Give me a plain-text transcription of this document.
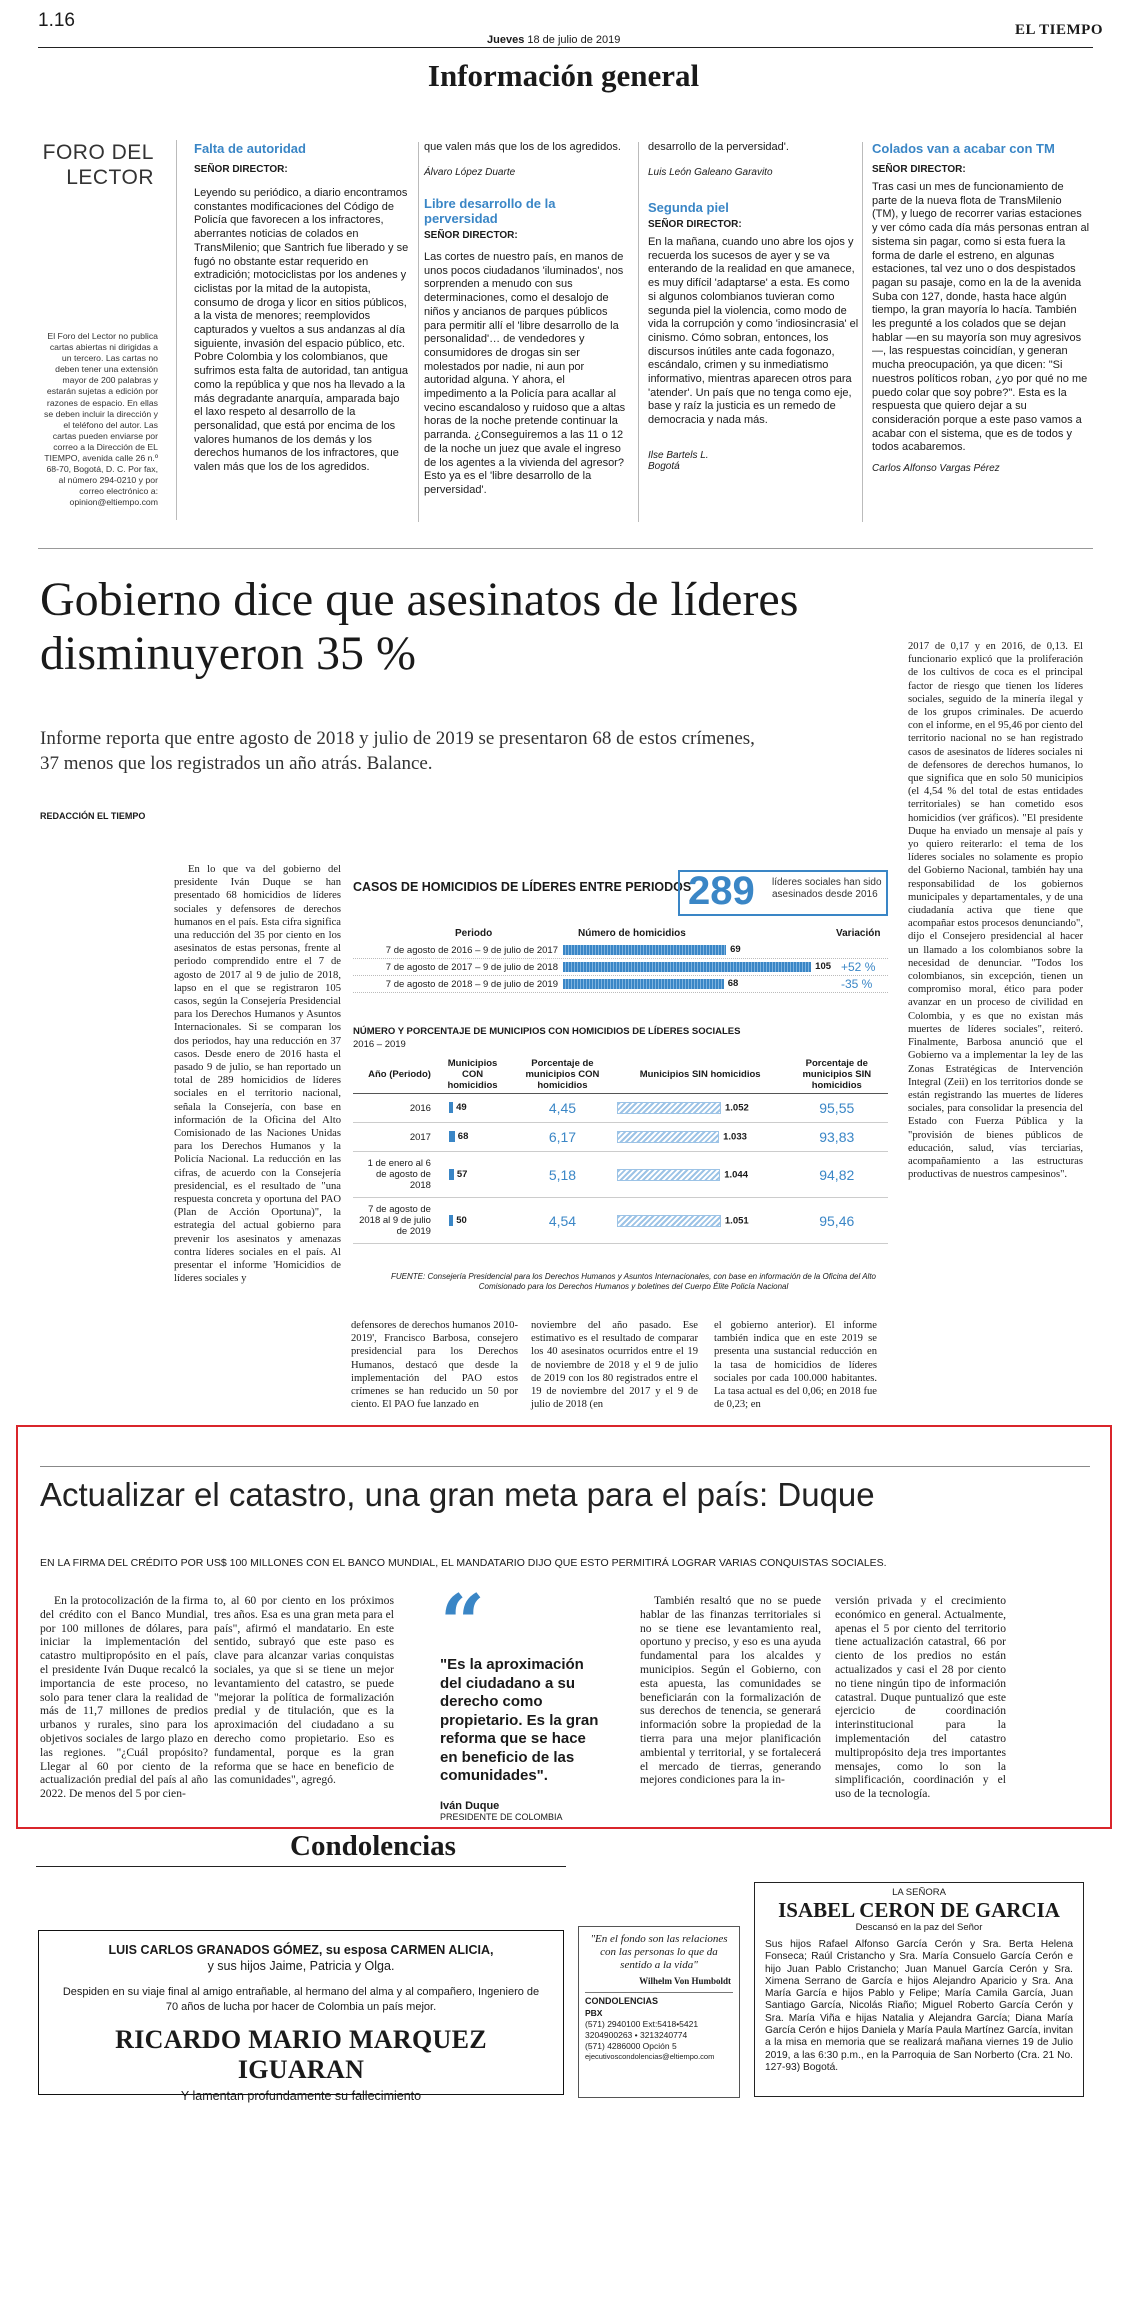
1.16
Jueves 18 de julio de 2019
EL TIEMPO
Información general
FORO DEL
LECTOR
El Foro del Lector no publica cartas abiertas ni dirigidas a un tercero. Las cartas no deben tener una extensión mayor de 200 palabras y estarán sujetas a edición por razones de espacio. En ellas se deben incluir la dirección y el teléfono del autor. Las cartas pueden enviarse por correo a la Dirección de EL TIEMPO, avenida calle 26 n.º 68-70, Bogotá, D. C. Por fax, al número 294-0210 y por correo electrónico a: opinion@eltiempo.com
Falta de autoridad
SEÑOR DIRECTOR:
Leyendo su periódico, a diario encontramos constantes modificaciones del Código de Policía que favorecen a los infractores, aberrantes noticias de colados en TransMilenio; que Santrich fue liberado y se fugó no obstante estar requerido en extradición; motociclistas por los andenes y ciclistas por la mitad de la autopista, consumo de droga y licor en sitios públicos, a la vista de menores; reemplovidos capturados y vueltos a sus andanzas al día siguiente, invasión del espacio público, etc. Pobre Colombia y los colombianos, que sufrimos esta falta de autoridad, tan antigua como la república y que nos ha llevado a la más degradante anarquía, amparada bajo el laxo respeto al desarrollo de la personalidad, que está por encima de los valores humanos de los demás y los derechos humanos de los infractores, que valen más que los de los agredidos.
que valen más que los de los agredidos.
Álvaro López Duarte
Libre desarrollo de la perversidad
SEÑOR DIRECTOR:
Las cortes de nuestro país, en manos de unos pocos ciudadanos 'iluminados', nos sorprenden a menudo con sus determinaciones, como el desalojo de niños y ancianos de parques públicos para permitir allí el 'libre desarrollo de la personalidad'… de vendedores y consumidores de drogas sin ser molestados por nadie, ni aun por autoridad alguna. Y ahora, el impedimento a la Policía para acallar al vecino escandaloso y ruidoso que a altas horas de la noche pretende continuar la parranda. ¿Conseguiremos a las 11 o 12 de la noche un juez que avale el ingreso de los agentes a la vivienda del agresor? Esto ya es el 'libre desarrollo de la perversidad'.
desarrollo de la perversidad'.
Luis León Galeano Garavito
Segunda piel
SEÑOR DIRECTOR:
En la mañana, cuando uno abre los ojos y recuerda los sucesos de ayer y se va enterando de la realidad en que amanece, es muy difícil 'adaptarse' a esta. Es como si algunos colombianos tuvieran como segunda piel la violencia, como modo de vida la corrupción y como 'indiosincrasia' el cinismo. Cómo sobran, entonces, los discursos inútiles ante cada fogonazo, escándalo, crimen y su inmediatismo informativo, mientras aparecen otros para 'atender'. Un país que no tenga como eje, base y raíz la justicia es un remedo de democracia y nada más.
Ilse Bartels L.
Bogotá
Colados van a acabar con TM
SEÑOR DIRECTOR:
Tras casi un mes de funcionamiento de parte de la nueva flota de TransMilenio (TM), y luego de recorrer varias estaciones y ver cómo cada día más personas entran al sistema sin pagar, como si esta fuera la forma de darle el estreno, en algunas estaciones, tal vez uno o dos despistados pagan su pasaje, como en la de la avenida Suba con 127, donde, hasta hace algún tiempo, la gran mayoría lo hacía. También les pregunté a los colados que se dejan hablar —en su mayoría son muy agresivos—, las respuestas coincidían, y generan mucha preocupación, ya que dicen: "Si nuestros políticos roban, ¿yo por qué no me puedo colar que soy pobre?". Esta es la respuesta que quiero dejar a su consideración porque a este paso vamos a acabar con el sistema, que es de todos y todos acabaremos.
Carlos Alfonso Vargas Pérez
Gobierno dice que asesinatos de líderes disminuyeron 35 %
Informe reporta que entre agosto de 2018 y julio de 2019 se presentaron 68 de estos crímenes, 37 menos que los registrados un año atrás. Balance.
REDACCIÓN EL TIEMPO

En lo que va del gobierno del presidente Iván Duque se han presentado 68 homicidios de líderes sociales y defensores de derechos humanos en el país. Esta cifra significa una reducción del 35 por ciento en los asesinatos de estas personas, frente al periodo comprendido entre el 7 de agosto de 2017 al 9 de julio de 2018, lapso en el que se registraron 105 casos, según la Consejería Presidencial para los Derechos Humanos y Asuntos Internacionales. Si se comparan los dos periodos, hay una reducción en 37 casos. Desde enero de 2016 hasta el pasado 9 de julio, se han reportado un total de 289 homicidios de líderes sociales en el territorio nacional, señala la Consejería, con base en información de la Oficina del Alto Comisionado de las Naciones Unidas para los Derechos Humanos y la Policía Nacional. La reducción en las cifras, de acuerdo con la Consejería presidencial, es el resultado de "una respuesta concreta y oportuna del PAO (Plan de Acción Oportuna)", la estrategia del actual gobierno para prevenir los asesinatos y amenazas contra líderes sociales en el país. Al presentar el informe 'Homicidios de líderes sociales y

defensores de derechos humanos 2010-2019', Francisco Barbosa, consejero presidencial para los Derechos Humanos, destacó que desde la implementación del PAO estos crímenes se han reducido un 50 por ciento. El PAO fue lanzado en

noviembre del año pasado. Ese estimativo es el resultado de comparar los 40 asesinatos ocurridos entre el 19 de noviembre de 2018 y el 9 de julio de 2019 con los 80 registrados entre el 19 de noviembre del 2017 y el 9 de julio de 2018 (en

el gobierno anterior). El informe también indica que en este 2019 se presenta una sustancial reducción en la tasa de homicidios de líderes sociales por cada 100.000 habitantes. La tasa actual es del 0,06; en 2018 fue de 0,23; en

2017 de 0,17 y en 2016, de 0,13. El funcionario explicó que la proliferación de los cultivos de coca es el principal factor de riesgo que tienen los líderes sociales, seguido de la minería ilegal y de los grupos criminales. De acuerdo con el informe, en el 95,46 por ciento del territorio nacional no se han registrado casos de asesinatos de líderes sociales ni de defensores de derechos humanos, lo que significa que en solo 50 municipios (el 4,54 % del total de estas entidades territoriales) se han cometido esos homicidios (ver gráficos). "El presidente Duque ha enviado un mensaje al país y yo quiero reiterarlo: el tema de los líderes sociales no solamente es propio del Gobierno Nacional, también hay una responsabilidad de los gobiernos municipales y departamentales, y de una ciudadanía activa que tiene que acompañar estos procesos denunciando", dijo el Consejero presidencial al hacer un llamado a los colombianos sobre la necesidad de denunciar. "Todos los colombianos, sin excepción, tienen un compromiso moral, ético para poder avanzar en un proceso de civilidad en Colombia, y es que no existan más muertes de líderes sociales", reiteró. Finalmente, Barbosa anunció que el Gobierno va a implementar la ley de las Zonas Estratégicas de Intervención Integral (Zeii) en los territorios donde se están registrando las muertes de líderes sociales, para consolidar la presencia del Estado con Fuerza Pública y la "provisión de bienes públicos de educación, salud, vías terciarias, acompañamiento a las estructuras productivas de nuestros campesinos".

CASOS DE HOMICIDIOS DE LÍDERES ENTRE PERIODOS
289 líderes sociales han sido asesinados desde 2016
Periodo	Número de homicidios	Variación
7 de agosto de 2016 – 9 de julio de 2017	69
7 de agosto de 2017 – 9 de julio de 2018	105 +52 %
7 de agosto de 2018 – 9 de julio de 2019	68	-35 %
NÚMERO Y PORCENTAJE DE MUNICIPIOS CON HOMICIDIOS DE LÍDERES SOCIALES
2016 – 2019
Año (Periodo)	Municipios CON homicidios	Porcentaje de municipios CON homicidios	Municipios SIN homicidios	Porcentaje de municipios SIN homicidios
2016	49	4,45	1.052	95,55
2017	68	6,17	1.033	93,83
1 de enero al 6 de agosto de 2018	57	5,18	1.044	94,82
7 de agosto de 2018 al 9 de julio de 2019	50	4,54	1.051	95,46
FUENTE: Consejería Presidencial para los Derechos Humanos y Asuntos Internacionales, con base en información de la Oficina del Alto Comisionado para los Derechos Humanos y boletines del Cuerpo Élite Policía Nacional
Actualizar el catastro, una gran meta para el país: Duque
EN LA FIRMA DEL CRÉDITO POR US$ 100 MILLONES CON EL BANCO MUNDIAL, EL MANDATARIO DIJO QUE ESTO PERMITIRÁ LOGRAR VARIAS CONQUISTAS SOCIALES.

En la protocolización de la firma del crédito con el Banco Mundial, por 100 millones de dólares, para iniciar la implementación del catastro multipropósito en el país, el presidente Iván Duque recalcó la importancia de este proceso, no solo para tener clara la realidad de más de 11,7 millones de predios urbanos y rurales, sino para los objetivos sociales de largo plazo en las regiones. "¿Cuál propósito? Llegar al 60 por ciento de la actualización predial del país al año 2022. De menos del 5 por cien-

to, al 60 por ciento en los próximos tres años. Esa es una gran meta para el país", afirmó el mandatario. En este sentido, subrayó que este paso es clave para alcanzar varias conquistas sociales, ya que si se tiene un mejor levantamiento del catastro, se puede "mejorar la política de formalización predial y de titulación, que es la aproximación del ciudadano a su derecho como propietario. Eso es fundamental, porque es la gran reforma que se hace en beneficio de las comunidades", agregó.

“
"Es la aproximación del ciudadano a su derecho como propietario. Es la gran reforma que se hace en beneficio de las comunidades".
Iván Duque
PRESIDENTE DE COLOMBIA

También resaltó que no se puede hablar de las finanzas territoriales si no se tiene ese levantamiento real, oportuno y preciso, y eso es una ayuda fundamental para los alcaldes y municipios. Según el Gobierno, con esta apuesta, las comunidades se beneficiarán con la formalización de sus derechos de tenencia, se generará información sobre la propiedad de la tierra para una mejor planificación ambiental y territorial, y se fortalecerá el mercado de tierras, generando mejores condiciones para la in-

versión privada y el crecimiento económico en general. Actualmente, apenas el 5 por ciento del territorio tiene actualización catastral, 66 por ciento de los predios no están actualizados y casi el 28 por ciento no tiene ningún tipo de información catastral. Duque puntualizó que este ejercicio de coordinación interinstitucional para la implementación del catastro multipropósito deja tres importantes mensajes, como lo son la simplificación, coordinación y el uso de la tecnología.

Condolencias
LUIS CARLOS GRANADOS GÓMEZ, su esposa CARMEN ALICIA,
y sus hijos Jaime, Patricia y Olga.
Despiden en su viaje final al amigo entrañable, al hermano del alma y al compañero, Ingeniero de 70 años de lucha por hacer de Colombia un país mejor.
RICARDO MARIO MARQUEZ IGUARAN
Y lamentan profundamente su fallecimiento
"En el fondo son las relaciones con las personas lo que da sentido a la vida"
Wilhelm Von Humboldt
CONDOLENCIAS
PBX
(571) 2940100 Ext:5418•5421
3204900263 • 3213240774
(571) 4286000 Opción 5
ejecutivoscondolencias@eltiempo.com
LA SEÑORA
ISABEL CERON DE GARCIA
Descansó en la paz del Señor
Sus hijos Rafael Alfonso García Cerón y Sra. Berta Helena Fonseca; Raúl Cristancho y Sra. María Consuelo García Cerón e hijo Juan Pablo Cristancho; Juan Manuel García Cerón y Sra. Ximena Serrano de García e hijos Alejandro Aparicio y Sra. Ana María García e hijos Pablo y Felipe; María Camila García, Juan Santiago García, Nicolás Riaño; Miguel Roberto García Cerón y Sra. María Viña e hijas Natalia y Alejandra García; Diana María García Cerón e hijos Daniela y María Paula Martínez García, invitan a la misa en memoria que se realizará mañana viernes 19 de Julio 2019, a las 6:30 p.m., en la Parroquia de San Norberto (Cra. 21 No. 127-93) Bogotá.
